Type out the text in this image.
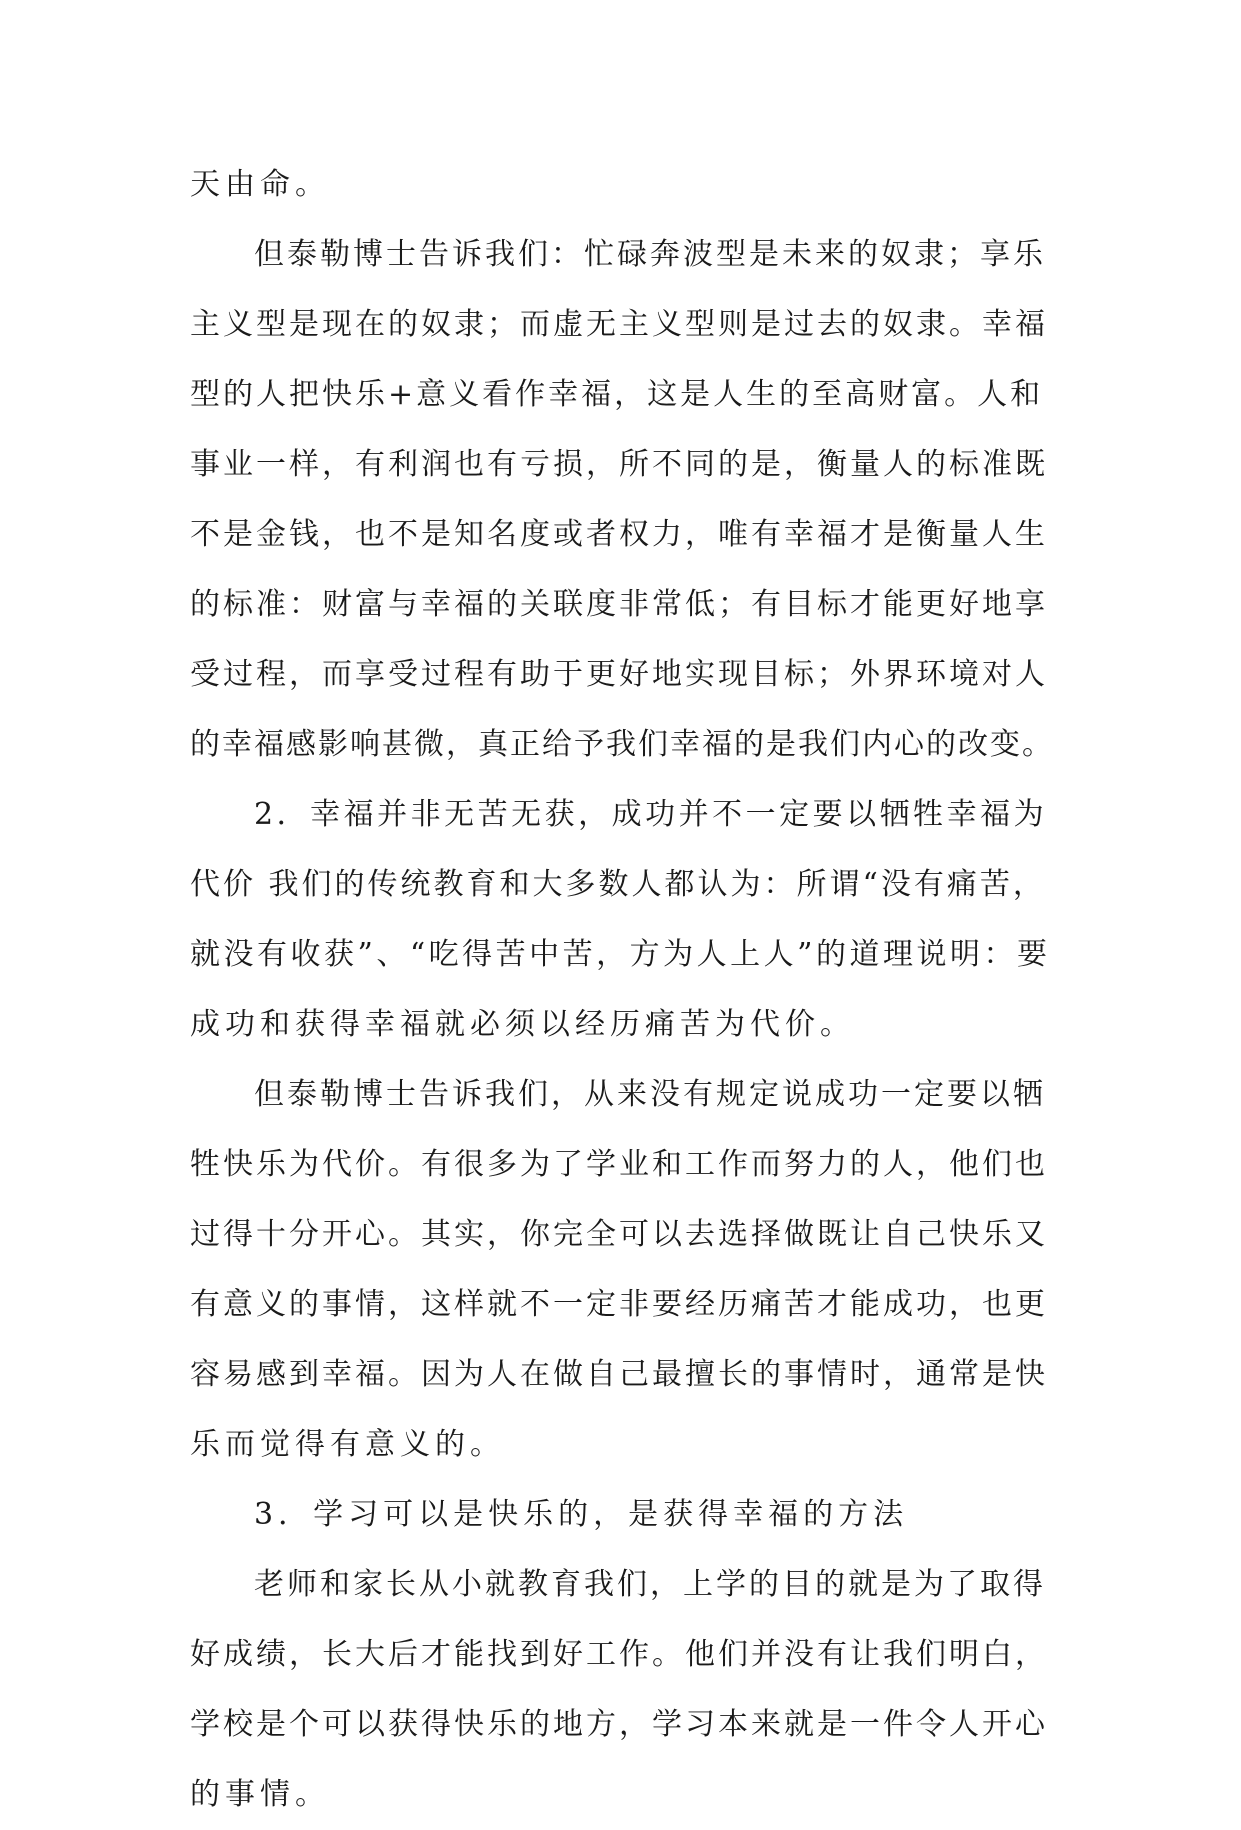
天由命。
但泰勒博士告诉我们：忙碌奔波型是未来的奴隶；享乐
主义型是现在的奴隶；而虚无主义型则是过去的奴隶。幸福
型的人把快乐+意义看作幸福，这是人生的至高财富。人和
事业一样，有利润也有亏损，所不同的是，衡量人的标准既
不是金钱，也不是知名度或者权力，唯有幸福才是衡量人生
的标准：财富与幸福的关联度非常低；有目标才能更好地享
受过程，而享受过程有助于更好地实现目标；外界环境对人
的幸福感影响甚微，真正给予我们幸福的是我们内心的改变。
2．幸福并非无苦无获，成功并不一定要以牺牲幸福为
代价 我们的传统教育和大多数人都认为：所谓“没有痛苦，
就没有收获”、“吃得苦中苦，方为人上人”的道理说明：要
成功和获得幸福就必须以经历痛苦为代价。
但泰勒博士告诉我们，从来没有规定说成功一定要以牺
牲快乐为代价。有很多为了学业和工作而努力的人，他们也
过得十分开心。其实，你完全可以去选择做既让自己快乐又
有意义的事情，这样就不一定非要经历痛苦才能成功，也更
容易感到幸福。因为人在做自己最擅长的事情时，通常是快
乐而觉得有意义的。
3．学习可以是快乐的，是获得幸福的方法
老师和家长从小就教育我们，上学的目的就是为了取得
好成绩，长大后才能找到好工作。他们并没有让我们明白，
学校是个可以获得快乐的地方，学习本来就是一件令人开心
的事情。
